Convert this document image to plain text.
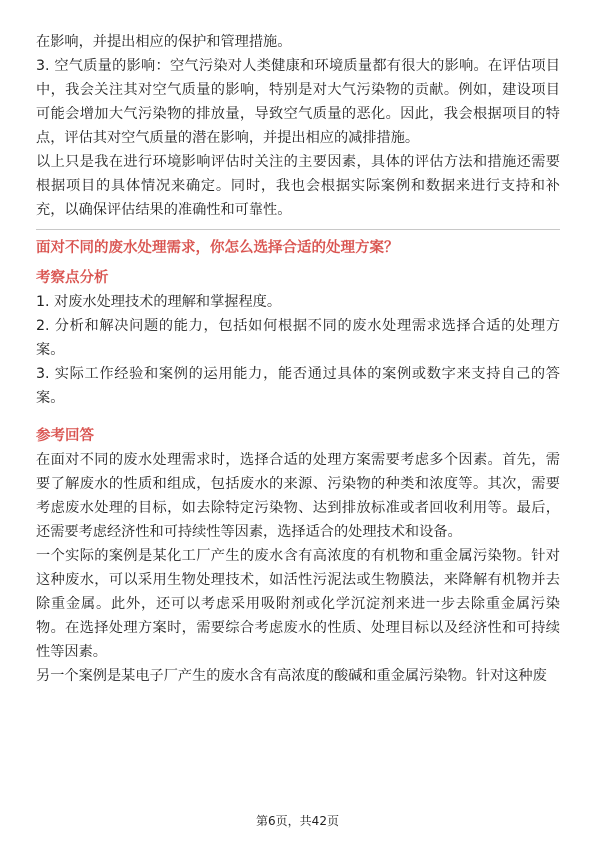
在影响，并提出相应的保护和管理措施。

3. 空气质量的影响：空气污染对人类健康和环境质量都有很大的影响。在评估项目中，我会关注其对空气质量的影响，特别是对大气污染物的贡献。例如，建设项目可能会增加大气污染物的排放量，导致空气质量的恶化。因此，我会根据项目的特点，评估其对空气质量的潜在影响，并提出相应的减排措施。

以上只是我在进行环境影响评估时关注的主要因素，具体的评估方法和措施还需要根据项目的具体情况来确定。同时，我也会根据实际案例和数据来进行支持和补充，以确保评估结果的准确性和可靠性。

面对不同的废水处理需求，你怎么选择合适的处理方案？

考察点分析

1. 对废水处理技术的理解和掌握程度。

2. 分析和解决问题的能力，包括如何根据不同的废水处理需求选择合适的处理方案。

3. 实际工作经验和案例的运用能力，能否通过具体的案例或数字来支持自己的答案。

参考回答

在面对不同的废水处理需求时，选择合适的处理方案需要考虑多个因素。首先，需要了解废水的性质和组成，包括废水的来源、污染物的种类和浓度等。其次，需要考虑废水处理的目标，如去除特定污染物、达到排放标准或者回收利用等。最后，还需要考虑经济性和可持续性等因素，选择适合的处理技术和设备。

一个实际的案例是某化工厂产生的废水含有高浓度的有机物和重金属污染物。针对这种废水，可以采用生物处理技术，如活性污泥法或生物膜法，来降解有机物并去除重金属。此外，还可以考虑采用吸附剂或化学沉淀剂来进一步去除重金属污染物。在选择处理方案时，需要综合考虑废水的性质、处理目标以及经济性和可持续性等因素。

另一个案例是某电子厂产生的废水含有高浓度的酸碱和重金属污染物。针对这种废

第6页，共42页
